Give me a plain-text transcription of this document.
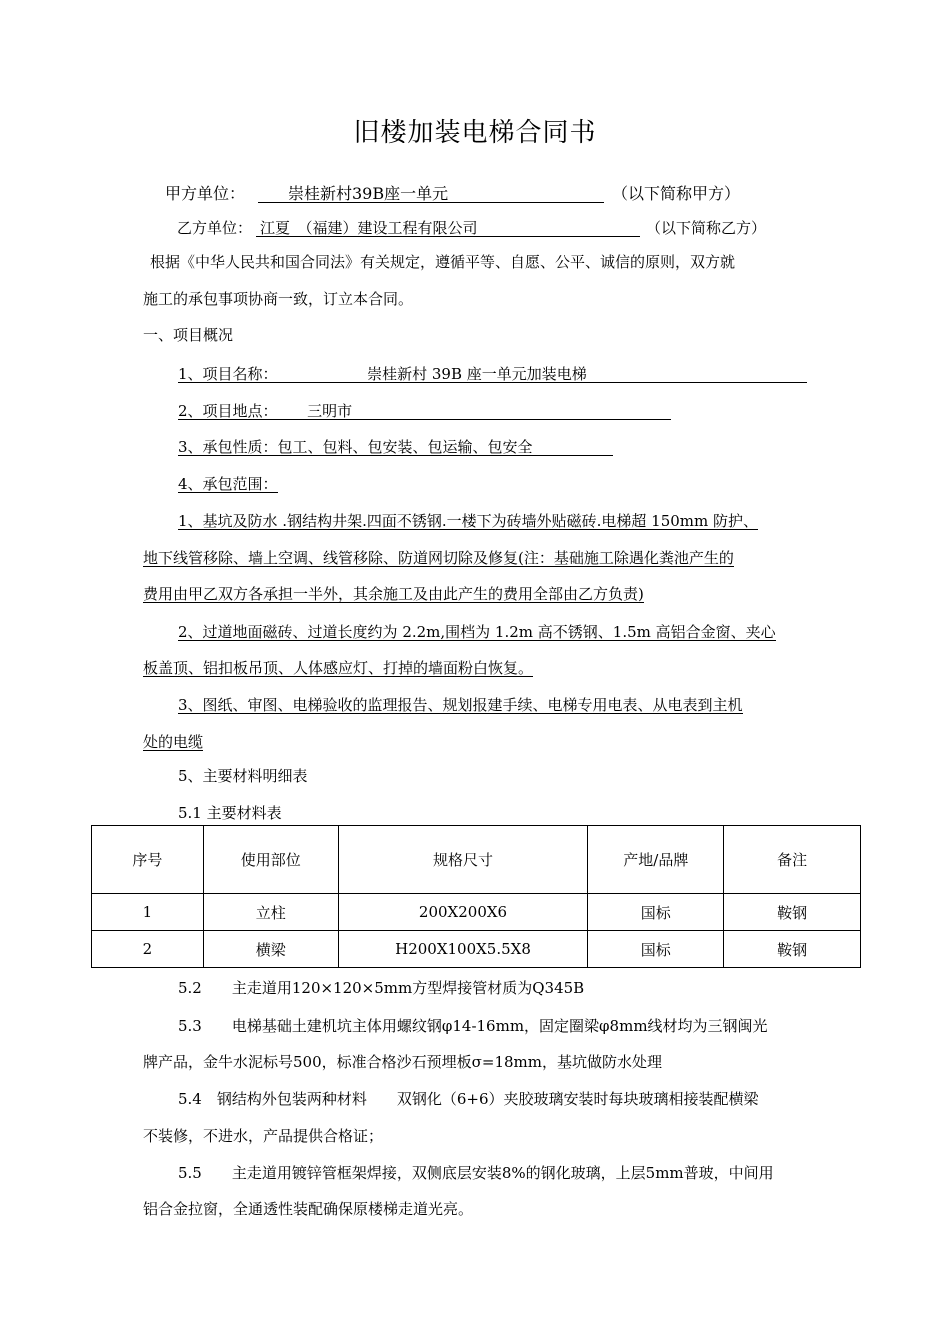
旧楼加装电梯合同书
甲方单位：	崇桂新村39B座一单元	（以下简称甲方）
乙方单位： 江夏　（福建）建设工程有限公司	（以下简称乙方）
根据《中华人民共和国合同法》有关规定，遵循平等、自愿、公平、诚信的原则，双方就
施工的承包事项协商一致，订立本合同。
一、项目概况
1、项目名称：	崇桂新村 39B 座一单元加装电梯
2、项目地点： 三明市
3、承包性质：包工、包料、包安装、包运输、包安全
4、承包范围：
1、基坑及防水 .钢结构井架.四面不锈钢.一楼下为砖墙外贴磁砖.电梯超 150mm 防护、
地下线管移除、墙上空调、线管移除、防道网切除及修复(注：基础施工除遇化粪池产生的
费用由甲乙双方各承担一半外，其余施工及由此产生的费用全部由乙方负责)
2、过道地面磁砖、过道长度约为 2.2m,围档为 1.2m 高不锈钢、1.5m 高铝合金窗、夹心
板盖顶、铝扣板吊顶、人体感应灯、打掉的墙面粉白恢复。
3、图纸、审图、电梯验收的监理报告、规划报建手续、电梯专用电表、从电表到主机
处的电缆
5、主要材料明细表
5.1 主要材料表
序号	使用部位	规格尺寸	产地/品牌	备注
1	立柱	200X200X6	国标	鞍钢
2	横梁	H200X100X5.5X8	国标	鞍钢
5.2　　主走道用120×120×5mm方型焊接管材质为Q345B
5.3　　电梯基础土建机坑主体用螺纹钢φ14-16mm，固定圈梁φ8mm线材均为三钢闽光
牌产品，金牛水泥标号500，标准合格沙石预埋板σ=18mm，基坑做防水处理
5.4　钢结构外包装两种材料　　双钢化（6+6）夹胶玻璃安装时每块玻璃相接装配横梁
不装修，不进水，产品提供合格证；
5.5　　主走道用镀锌管框架焊接，双侧底层安装8%的钢化玻璃，上层5mm普玻，中间用
铝合金拉窗，全通透性装配确保原楼梯走道光亮。
